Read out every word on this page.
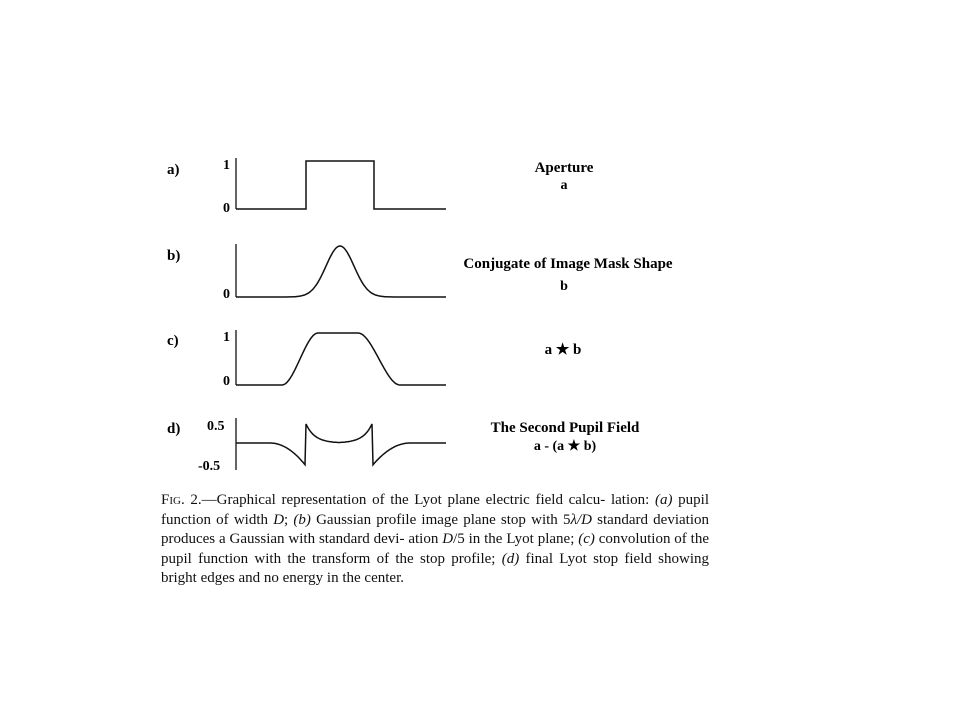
a)	1
0
Aperture
a
b)
0
Conjugate of Image Mask Shape
b
c)	1
0
a ★ b
d) 0.5
-0.5
The Second Pupil Field
a - (a ★ b)
Fig. 2.—Graphical representation of the Lyot plane electric field calcu- lation: (a) pupil function of width D; (b) Gaussian profile image plane stop with 5λ/D standard deviation produces a Gaussian with standard devi- ation D/5 in the Lyot plane; (c) convolution of the pupil function with the transform of the stop profile; (d) final Lyot stop field showing bright edges and no energy in the center.
